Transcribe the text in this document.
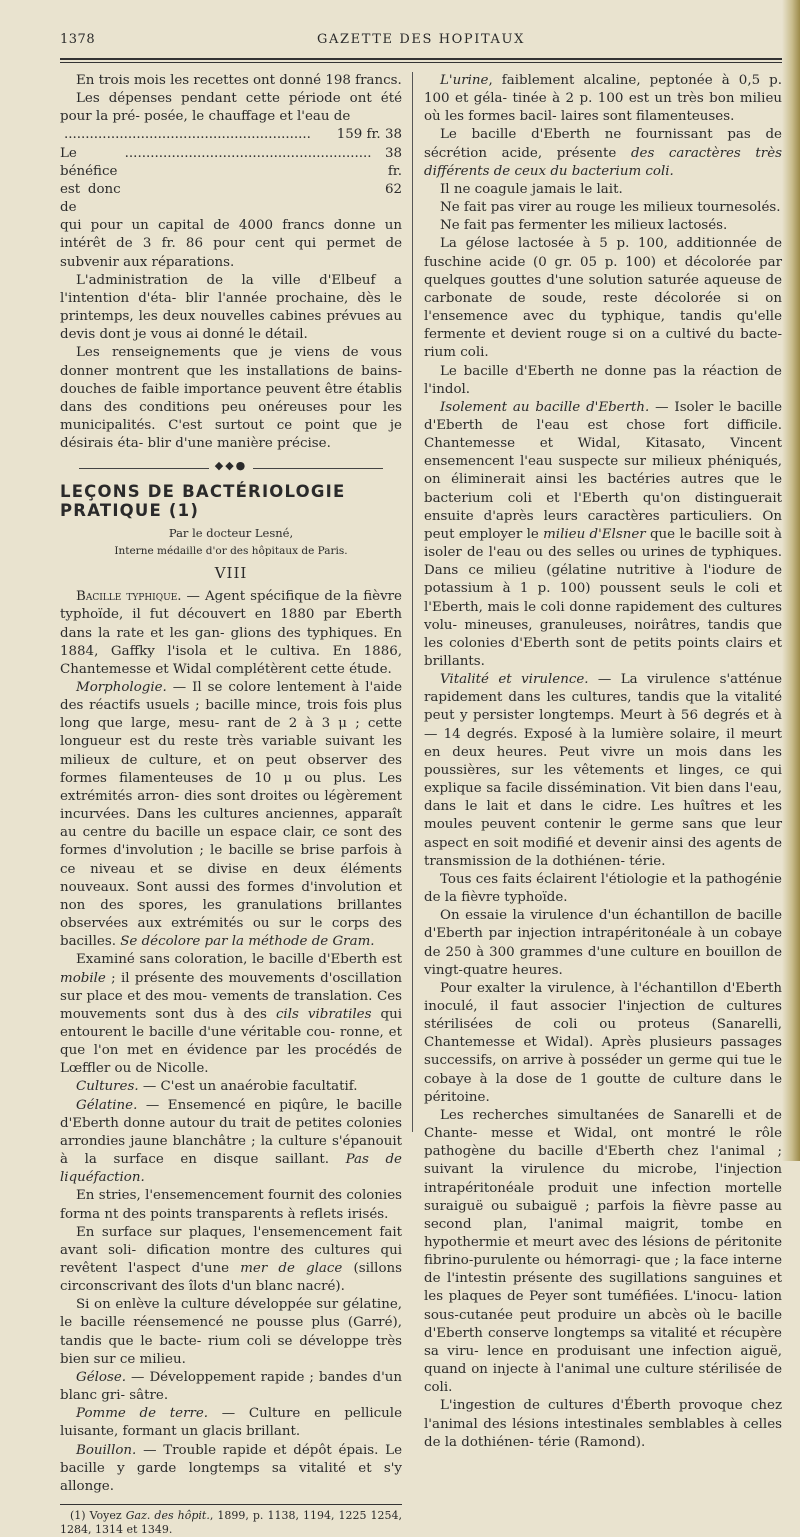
1378	GAZETTE DES HOPITAUX

En trois mois les recettes ont donné 198 francs.

Les dépenses pendant cette période ont été pour la pré- posée, le chauffage et l'eau de

..........................................................	159 fr. 38
Le bénéfice est donc de
.......................................................... 38 fr. 62

qui pour un capital de 4000 francs donne un intérêt de 3 fr. 86 pour cent qui permet de subvenir aux réparations.

L'administration de la ville d'Elbeuf a l'intention d'éta- blir l'année prochaine, dès le printemps, les deux nouvelles cabines prévues au devis dont je vous ai donné le détail.

Les renseignements que je viens de vous donner montrent que les installations de bains-douches de faible importance peuvent être établis dans des conditions peu onéreuses pour les municipalités. C'est surtout ce point que je désirais éta- blir d'une manière précise.

◆◆●
LEÇONS DE BACTÉRIOLOGIE PRATIQUE (1)

Par le docteur Lesné,

Interne médaille d'or des hôpitaux de Paris.

VIII

Bacille typhique. — Agent spécifique de la fièvre typhoïde, il fut découvert en 1880 par Eberth dans la rate et les gan- glions des typhiques. En 1884, Gaffky l'isola et le cultiva. En 1886, Chantemesse et Widal complétèrent cette étude.

Morphologie. — Il se colore lentement à l'aide des réactifs usuels ; bacille mince, trois fois plus long que large, mesu- rant de 2 à 3 μ ; cette longueur est du reste très variable suivant les milieux de culture, et on peut observer des formes filamenteuses de 10 μ ou plus. Les extrémités arron- dies sont droites ou légèrement incurvées. Dans les cultures anciennes, apparaît au centre du bacille un espace clair, ce sont des formes d'involution ; le bacille se brise parfois à ce niveau et se divise en deux éléments nouveaux. Sont aussi des formes d'involution et non des spores, les granulations brillantes observées aux extrémités ou sur le corps des bacilles. Se décolore par la méthode de Gram.

Examiné sans coloration, le bacille d'Eberth est mobile ; il présente des mouvements d'oscillation sur place et des mou- vements de translation. Ces mouvements sont dus à des cils vibratiles qui entourent le bacille d'une véritable cou- ronne, et que l'on met en évidence par les procédés de Lœffler ou de Nicolle.

Cultures. — C'est un anaérobie facultatif.

Gélatine. — Ensemencé en piqûre, le bacille d'Eberth donne autour du trait de petites colonies arrondies jaune blanchâtre ; la culture s'épanouit à la surface en disque saillant. Pas de liquéfaction.

En stries, l'ensemencement fournit des colonies forma nt des points transparents à reflets irisés.

En surface sur plaques, l'ensemencement fait avant soli- dification montre des cultures qui revêtent l'aspect d'une mer de glace (sillons circonscrivant des îlots d'un blanc nacré).

Si on enlève la culture développée sur gélatine, le bacille réensemencé ne pousse plus (Garré), tandis que le bacte- rium coli se développe très bien sur ce milieu.

Gélose. — Développement rapide ; bandes d'un blanc gri- sâtre.

Pomme de terre. — Culture en pellicule luisante, formant un glacis brillant.

Bouillon. — Trouble rapide et dépôt épais. Le bacille y garde longtemps sa vitalité et s'y allonge.

(1) Voyez Gaz. des hôpit., 1899, p. 1138, 1194, 1225 1254, 1284, 1314 et 1349.

L'urine, faiblement alcaline, peptonée à 0,5 p. 100 et géla- tinée à 2 p. 100 est un très bon milieu où les formes bacil- laires sont filamenteuses.

Le bacille d'Eberth ne fournissant pas de sécrétion acide, présente des caractères très différents de ceux du bacterium coli.

Il ne coagule jamais le lait.

Ne fait pas virer au rouge les milieux tournesolés.

Ne fait pas fermenter les milieux lactosés.

La gélose lactosée à 5 p. 100, additionnée de fuschine acide (0 gr. 05 p. 100) et décolorée par quelques gouttes d'une solution saturée aqueuse de carbonate de soude, reste décolorée si on l'ensemence avec du typhique, tandis qu'elle fermente et devient rouge si on a cultivé du bacte- rium coli.

Le bacille d'Eberth ne donne pas la réaction de l'indol.

Isolement au bacille d'Eberth. — Isoler le bacille d'Eberth de l'eau est chose fort difficile. Chantemesse et Widal, Kitasato, Vincent ensemencent l'eau suspecte sur milieux phéniqués, on éliminerait ainsi les bactéries autres que le bacterium coli et l'Eberth qu'on distinguerait ensuite d'après leurs caractères particuliers. On peut employer le milieu d'Elsner que le bacille soit à isoler de l'eau ou des selles ou urines de typhiques. Dans ce milieu (gélatine nutritive à l'iodure de potassium à 1 p. 100) poussent seuls le coli et l'Eberth, mais le coli donne rapidement des cultures volu- mineuses, granuleuses, noirâtres, tandis que les colonies d'Eberth sont de petits points clairs et brillants.

Vitalité et virulence. — La virulence s'atténue rapidement dans les cultures, tandis que la vitalité peut y persister longtemps. Meurt à 56 degrés et à — 14 degrés. Exposé à la lumière solaire, il meurt en deux heures. Peut vivre un mois dans les poussières, sur les vêtements et linges, ce qui explique sa facile dissémination. Vit bien dans l'eau, dans le lait et dans le cidre. Les huîtres et les moules peuvent contenir le germe sans que leur aspect en soit modifié et devenir ainsi des agents de transmission de la dothiénen- térie.

Tous ces faits éclairent l'étiologie et la pathogénie de la fièvre typhoïde.

On essaie la virulence d'un échantillon de bacille d'Eberth par injection intrapéritonéale à un cobaye de 250 à 300 grammes d'une culture en bouillon de vingt-quatre heures.

Pour exalter la virulence, à l'échantillon d'Eberth inoculé, il faut associer l'injection de cultures stérilisées de coli ou proteus (Sanarelli, Chantemesse et Widal). Après plusieurs passages successifs, on arrive à posséder un germe qui tue le cobaye à la dose de 1 goutte de culture dans le péritoine.

Les recherches simultanées de Sanarelli et de Chante- messe et Widal, ont montré le rôle pathogène du bacille d'Eberth chez l'animal ; suivant la virulence du microbe, l'injection intrapéritonéale produit une infection mortelle suraiguë ou subaiguë ; parfois la fièvre passe au second plan, l'animal maigrit, tombe en hypothermie et meurt avec des lésions de péritonite fibrino-purulente ou hémorragi- que ; la face interne de l'intestin présente des sugillations sanguines et les plaques de Peyer sont tuméfiées. L'inocu- lation sous-cutanée peut produire un abcès où le bacille d'Eberth conserve longtemps sa vitalité et récupère sa viru- lence en produisant une infection aiguë, quand on injecte à l'animal une culture stérilisée de coli.

L'ingestion de cultures d'Éberth provoque chez l'animal des lésions intestinales semblables à celles de la dothiénen- térie (Ramond).
